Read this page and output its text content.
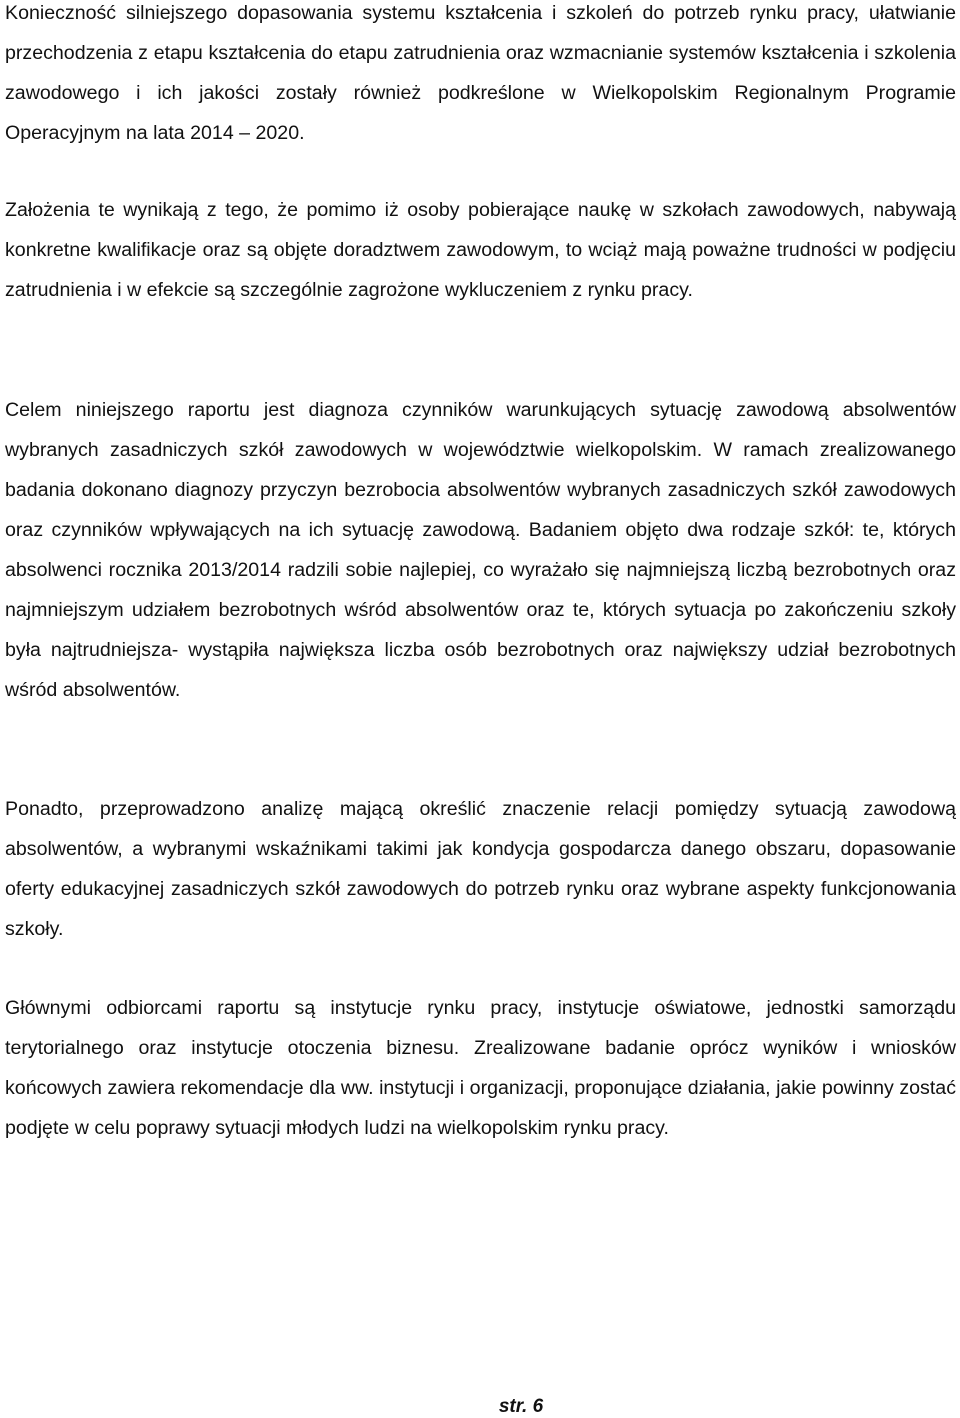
Konieczność silniejszego dopasowania systemu kształcenia i szkoleń do potrzeb rynku pracy, ułatwianie przechodzenia z etapu kształcenia do etapu zatrudnienia oraz wzmacnianie systemów kształcenia i szkolenia zawodowego i ich jakości zostały również podkreślone w Wielkopolskim Regionalnym Programie Operacyjnym na lata 2014 – 2020.

Założenia te wynikają z tego, że pomimo iż osoby pobierające naukę w szkołach zawodowych, nabywają konkretne kwalifikacje oraz są objęte doradztwem zawodowym, to wciąż mają poważne trudności w podjęciu zatrudnienia i w efekcie są szczególnie zagrożone wykluczeniem z rynku pracy.

Celem niniejszego raportu jest diagnoza czynników warunkujących sytuację zawodową absolwentów wybranych zasadniczych szkół zawodowych w województwie wielkopolskim. W ramach zrealizowanego badania dokonano diagnozy przyczyn bezrobocia absolwentów wybranych zasadniczych szkół zawodowych oraz czynników wpływających na ich sytuację zawodową. Badaniem objęto dwa rodzaje szkół: te, których absolwenci rocznika 2013/2014 radzili sobie najlepiej, co wyrażało się najmniejszą liczbą bezrobotnych oraz najmniejszym udziałem bezrobotnych wśród absolwentów oraz te, których sytuacja po zakończeniu szkoły była najtrudniejsza- wystąpiła największa liczba osób bezrobotnych oraz największy udział bezrobotnych wśród absolwentów.

Ponadto, przeprowadzono analizę mającą określić znaczenie relacji pomiędzy sytuacją zawodową absolwentów, a wybranymi wskaźnikami takimi jak kondycja gospodarcza danego obszaru, dopasowanie oferty edukacyjnej zasadniczych szkół zawodowych do potrzeb rynku oraz wybrane aspekty funkcjonowania szkoły.

Głównymi odbiorcami raportu są instytucje rynku pracy, instytucje oświatowe, jednostki samorządu terytorialnego oraz instytucje otoczenia biznesu. Zrealizowane badanie oprócz wyników i wniosków końcowych zawiera rekomendacje dla ww. instytucji i organizacji, proponujące działania, jakie powinny zostać podjęte w celu poprawy sytuacji młodych ludzi na wielkopolskim rynku pracy.

str. 6
